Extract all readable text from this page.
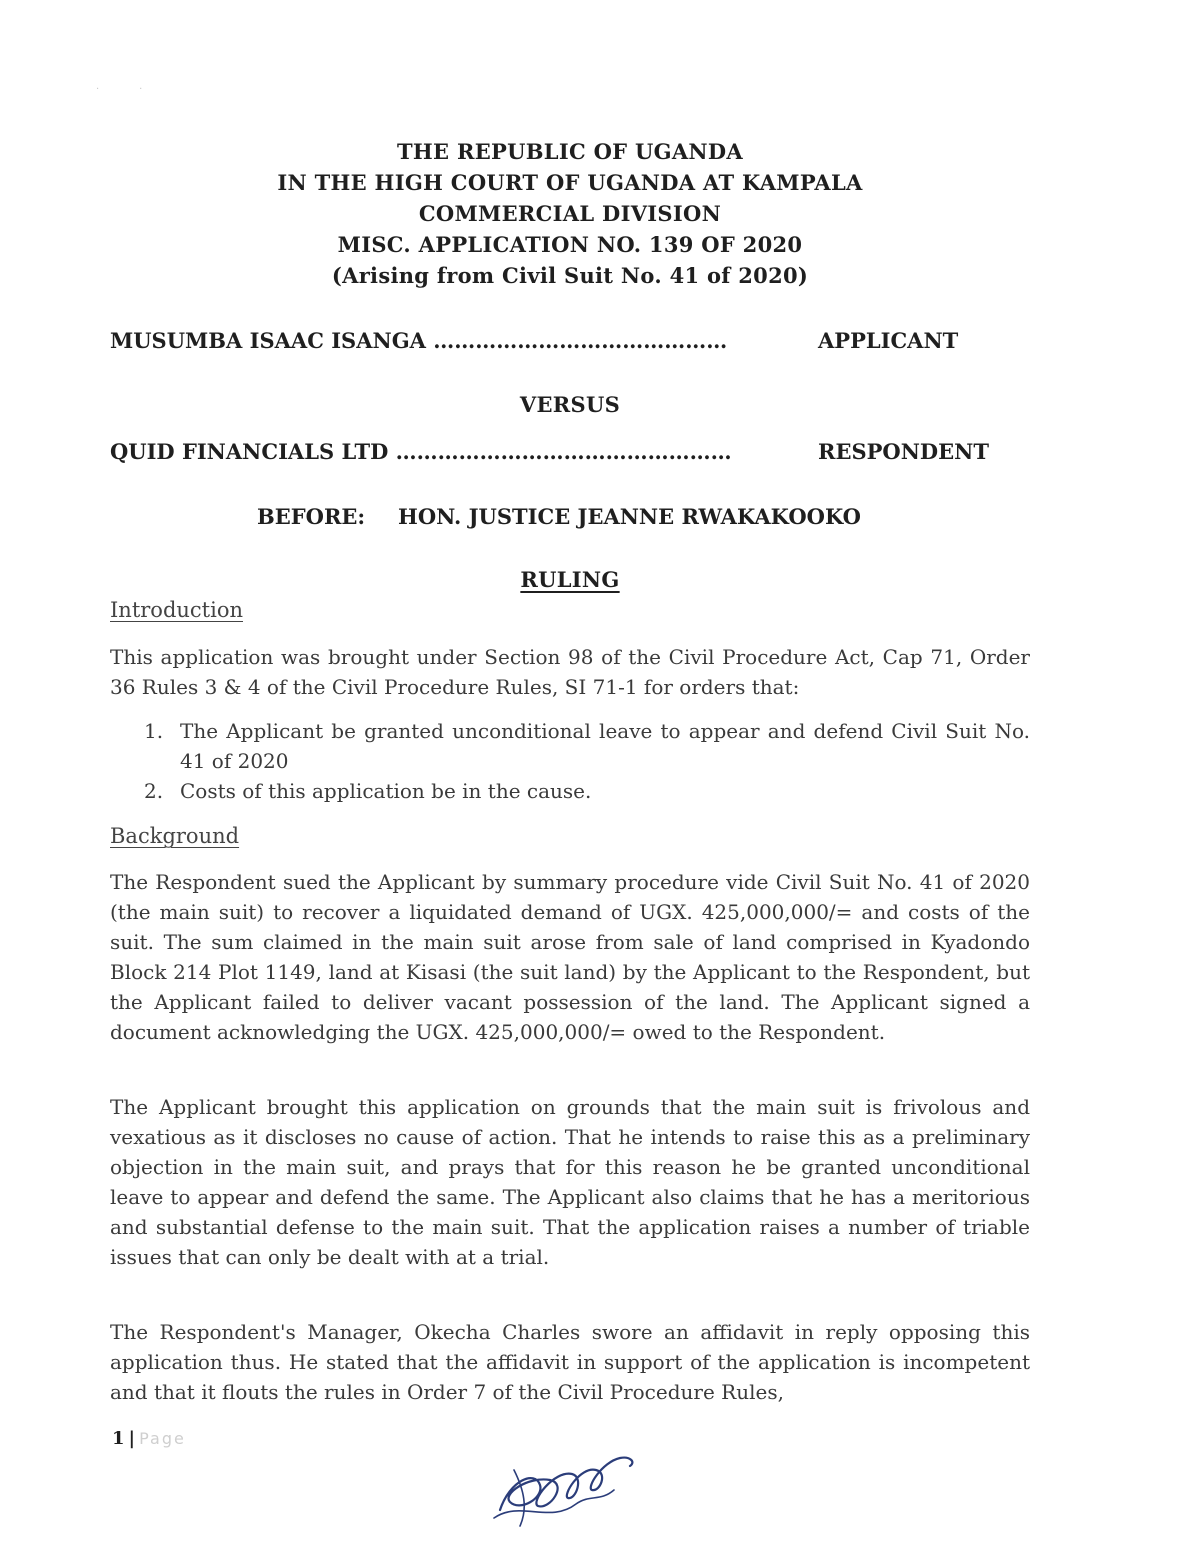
··
THE REPUBLIC OF UGANDA
IN THE HIGH COURT OF UGANDA AT KAMPALA
COMMERCIAL DIVISION
MISC. APPLICATION NO. 139 OF 2020
(Arising from Civil Suit No. 41 of 2020)
MUSUMBA ISAAC ISANGA ……………………………………	APPLICANT
VERSUS
QUID FINANCIALS LTD …………………………………………	RESPONDENT
BEFORE: HON. JUSTICE JEANNE RWAKAKOOKO
RULING
Introduction

This application was brought under Section 98 of the Civil Procedure Act, Cap 71, Order 36 Rules 3 & 4 of the Civil Procedure Rules, SI 71-1 for orders that:

1. The Applicant be granted unconditional leave to appear and defend Civil Suit No. 41 of 2020
2. Costs of this application be in the cause.
Background

The Respondent sued the Applicant by summary procedure vide Civil Suit No. 41 of 2020 (the main suit) to recover a liquidated demand of UGX. 425,000,000/= and costs of the suit. The sum claimed in the main suit arose from sale of land comprised in Kyadondo Block 214 Plot 1149, land at Kisasi (the suit land) by the Applicant to the Respondent, but the Applicant failed to deliver vacant possession of the land. The Applicant signed a document acknowledging the UGX. 425,000,000/= owed to the Respondent.

The Applicant brought this application on grounds that the main suit is frivolous and vexatious as it discloses no cause of action. That he intends to raise this as a preliminary objection in the main suit, and prays that for this reason he be granted unconditional leave to appear and defend the same. The Applicant also claims that he has a meritorious and substantial defense to the main suit. That the application raises a number of triable issues that can only be dealt with at a trial.

The Respondent's Manager, Okecha Charles swore an affidavit in reply opposing this application thus. He stated that the affidavit in support of the application is incompetent and that it flouts the rules in Order 7 of the Civil Procedure Rules,

1 | Page
